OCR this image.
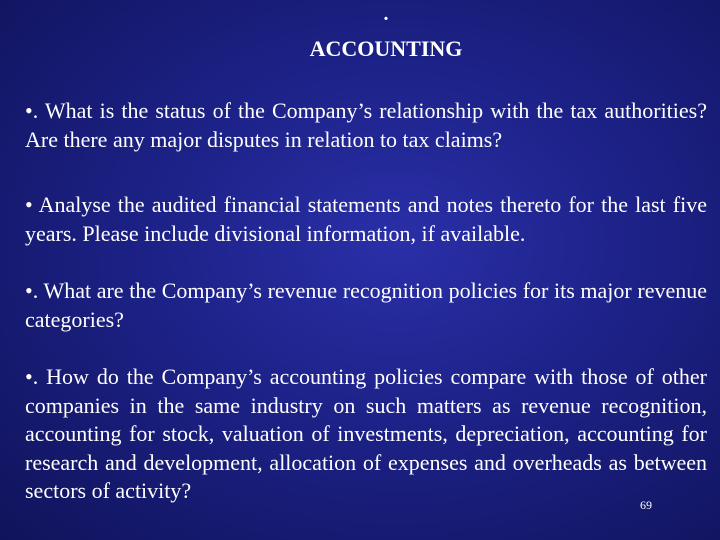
.
ACCOUNTING
•. What is the status of the Company’s relationship with the tax authorities? Are there any major disputes in relation to tax claims?
• Analyse the audited financial statements and notes thereto for the last five years. Please include divisional information, if available.
•. What are the Company’s revenue recognition policies for its major revenue categories?
•. How do the Company’s accounting policies compare with those of other companies in the same industry on such matters as revenue recognition, accounting for stock, valuation of investments, depreciation, accounting for research and development, allocation of expenses and overheads as between sectors of activity?
69
